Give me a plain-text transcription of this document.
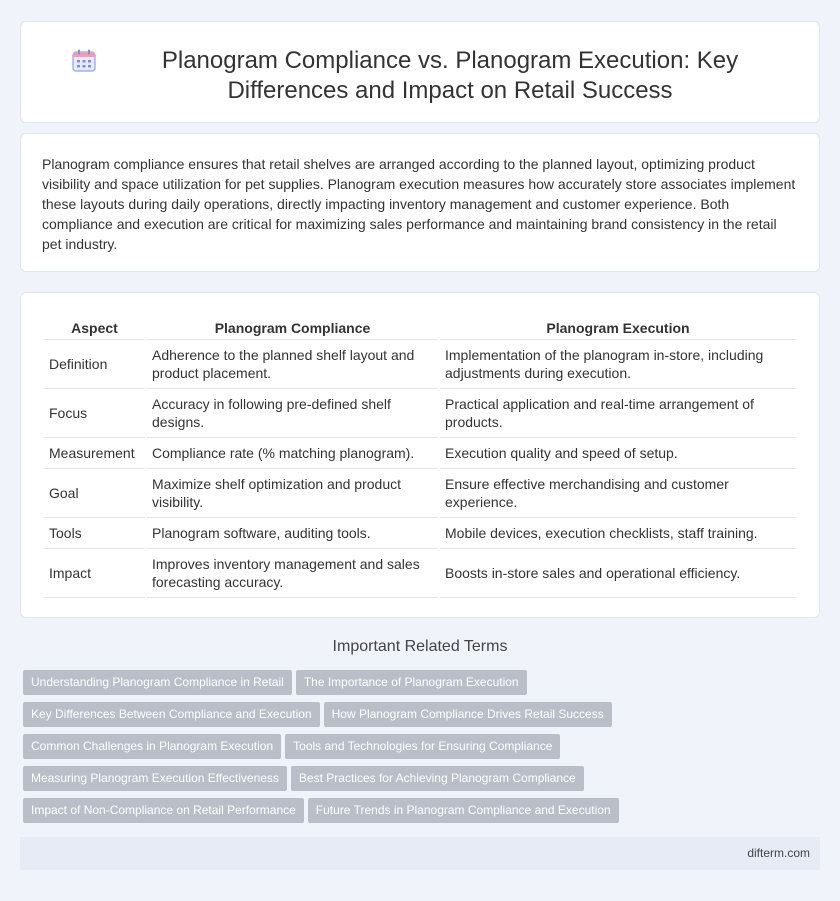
Planogram Compliance vs. Planogram Execution: Key Differences and Impact on Retail Success
Planogram compliance ensures that retail shelves are arranged according to the planned layout, optimizing product visibility and space utilization for pet supplies. Planogram execution measures how accurately store associates implement these layouts during daily operations, directly impacting inventory management and customer experience. Both compliance and execution are critical for maximizing sales performance and maintaining brand consistency in the retail pet industry.
Aspect	Planogram Compliance	Planogram Execution
Definition	Adherence to the planned shelf layout and product placement.	Implementation of the planogram in-store, including adjustments during execution.
Focus	Accuracy in following pre-defined shelf designs.	Practical application and real-time arrangement of products.
Measurement	Compliance rate (% matching planogram).	Execution quality and speed of setup.
Goal	Maximize shelf optimization and product visibility.	Ensure effective merchandising and customer experience.
Tools	Planogram software, auditing tools.	Mobile devices, execution checklists, staff training.
Impact	Improves inventory management and sales forecasting accuracy.	Boosts in-store sales and operational efficiency.
Important Related Terms
Understanding Planogram Compliance in Retail The Importance of Planogram Execution
Key Differences Between Compliance and Execution How Planogram Compliance Drives Retail Success
Common Challenges in Planogram Execution Tools and Technologies for Ensuring Compliance
Measuring Planogram Execution Effectiveness Best Practices for Achieving Planogram Compliance
Impact of Non-Compliance on Retail Performance Future Trends in Planogram Compliance and Execution
difterm.com
